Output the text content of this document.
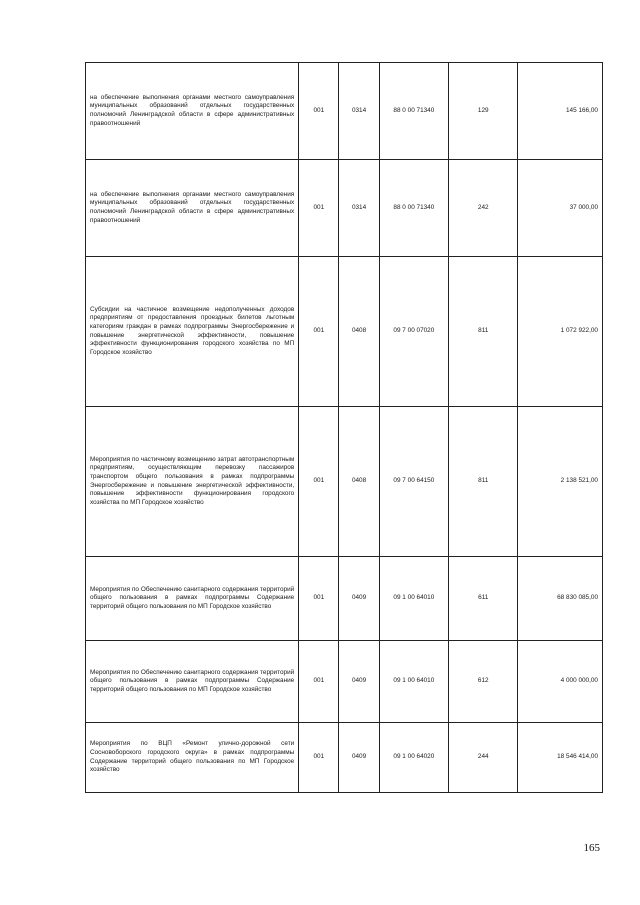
на обеспечение выполнения органами местного самоуправления муниципальных образований отдельных государственных полномочий Ленинградской области в сфере административных правоотношений	001	0314	88 0 00 71340	129	145 166,00
на обеспечение выполнения органами местного самоуправления муниципальных образований отдельных государственных полномочий Ленинградской области в сфере административных правоотношений	001	0314	88 0 00 71340	242	37 000,00
Субсидии на частичное возмещение недополученных доходов предприятиям от предоставления проездных билетов льготным категориям граждан в рамках подпрограммы Энергосбережение и повышение энергетической эффективности, повышение эффективности функционирования городского хозяйства по МП Городское хозяйство	001	0408	09 7 00 07020	811	1 072 922,00
Мероприятия по частичному возмещению затрат автотранспортным предприятиям, осуществляющим перевозку пассажиров транспортом общего пользования в рамках подпрограммы Энергосбережение и повышение энергетической эффективности, повышение эффективности функционирования городского хозяйства по МП Городское хозяйство	001	0408	09 7 00 64150	811	2 138 521,00
Мероприятия по Обеспечению санитарного содержания территорий общего пользования в рамках подпрограммы Содержание территорий общего пользования по МП Городское хозяйство	001	0409	09 1 00 64010	611	68 830 085,00
Мероприятия по Обеспечению санитарного содержания территорий общего пользования в рамках подпрограммы Содержание территорий общего пользования по МП Городское хозяйство	001	0409	09 1 00 64010	612	4 000 000,00
Мероприятия по ВЦП «Ремонт улично-дорожной сети Сосновоборского городского округа» в рамках подпрограммы Содержание территорий общего пользования по МП Городское хозяйство	001	0409	09 1 00 64020	244	18 546 414,00
165
